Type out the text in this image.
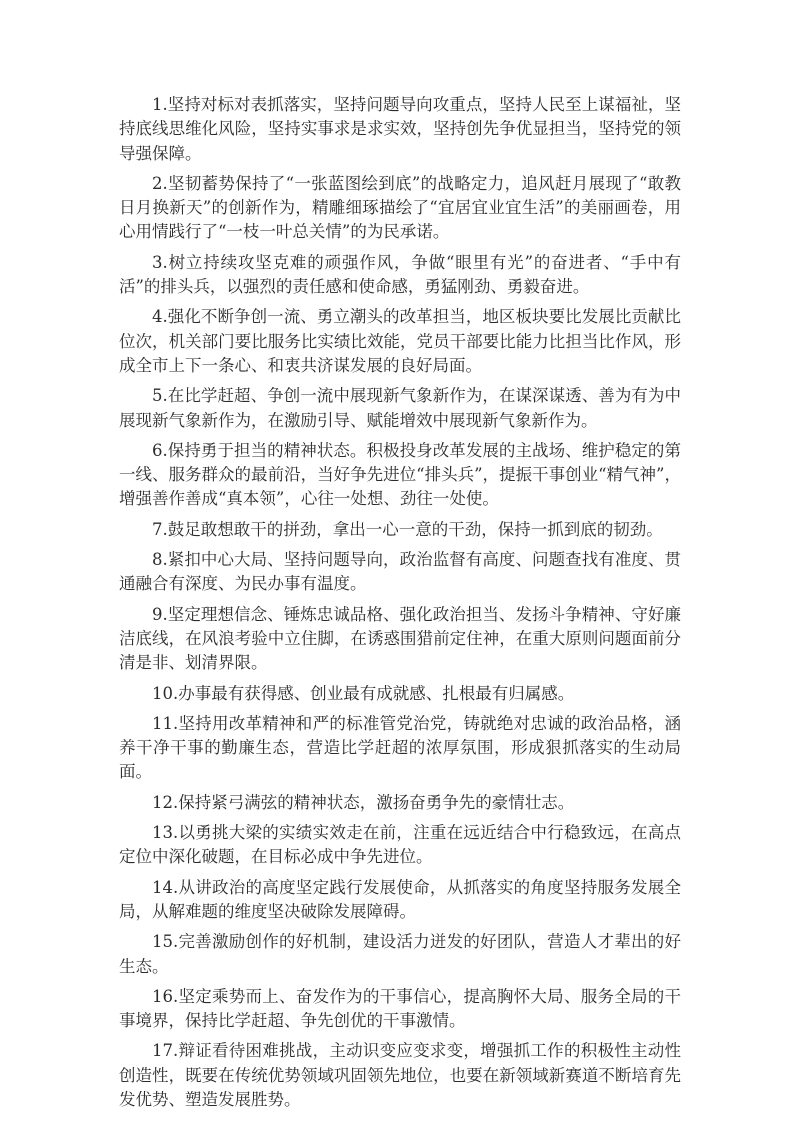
1.坚持对标对表抓落实，坚持问题导向攻重点，坚持人民至上谋福祉，坚持底线思维化风险，坚持实事求是求实效，坚持创先争优显担当，坚持党的领导强保障。

2.坚韧蓄势保持了“一张蓝图绘到底”的战略定力，追风赶月展现了“敢教日月换新天”的创新作为，精雕细琢描绘了“宜居宜业宜生活”的美丽画卷，用心用情践行了“一枝一叶总关情”的为民承诺。

3.树立持续攻坚克难的顽强作风，争做“眼里有光”的奋进者、“手中有活”的排头兵，以强烈的责任感和使命感，勇猛刚劲、勇毅奋进。

4.强化不断争创一流、勇立潮头的改革担当，地区板块要比发展比贡献比位次，机关部门要比服务比实绩比效能，党员干部要比能力比担当比作风，形成全市上下一条心、和衷共济谋发展的良好局面。

5.在比学赶超、争创一流中展现新气象新作为，在谋深谋透、善为有为中展现新气象新作为，在激励引导、赋能增效中展现新气象新作为。

6.保持勇于担当的精神状态。积极投身改革发展的主战场、维护稳定的第一线、服务群众的最前沿，当好争先进位“排头兵”，提振干事创业“精气神”，增强善作善成“真本领”，心往一处想、劲往一处使。

7.鼓足敢想敢干的拼劲，拿出一心一意的干劲，保持一抓到底的韧劲。

8.紧扣中心大局、坚持问题导向，政治监督有高度、问题查找有准度、贯通融合有深度、为民办事有温度。

9.坚定理想信念、锤炼忠诚品格、强化政治担当、发扬斗争精神、守好廉洁底线，在风浪考验中立住脚，在诱惑围猎前定住神，在重大原则问题面前分清是非、划清界限。

10.办事最有获得感、创业最有成就感、扎根最有归属感。

11.坚持用改革精神和严的标准管党治党，铸就绝对忠诚的政治品格，涵养干净干事的勤廉生态，营造比学赶超的浓厚氛围，形成狠抓落实的生动局面。

12.保持紧弓满弦的精神状态，激扬奋勇争先的豪情壮志。

13.以勇挑大梁的实绩实效走在前，注重在远近结合中行稳致远，在高点定位中深化破题，在目标必成中争先进位。

14.从讲政治的高度坚定践行发展使命，从抓落实的角度坚持服务发展全局，从解难题的维度坚决破除发展障碍。

15.完善激励创作的好机制，建设活力迸发的好团队，营造人才辈出的好生态。

16.坚定乘势而上、奋发作为的干事信心，提高胸怀大局、服务全局的干事境界，保持比学赶超、争先创优的干事激情。

17.辩证看待困难挑战，主动识变应变求变，增强抓工作的积极性主动性创造性，既要在传统优势领域巩固领先地位，也要在新领域新赛道不断培育先发优势、塑造发展胜势。
